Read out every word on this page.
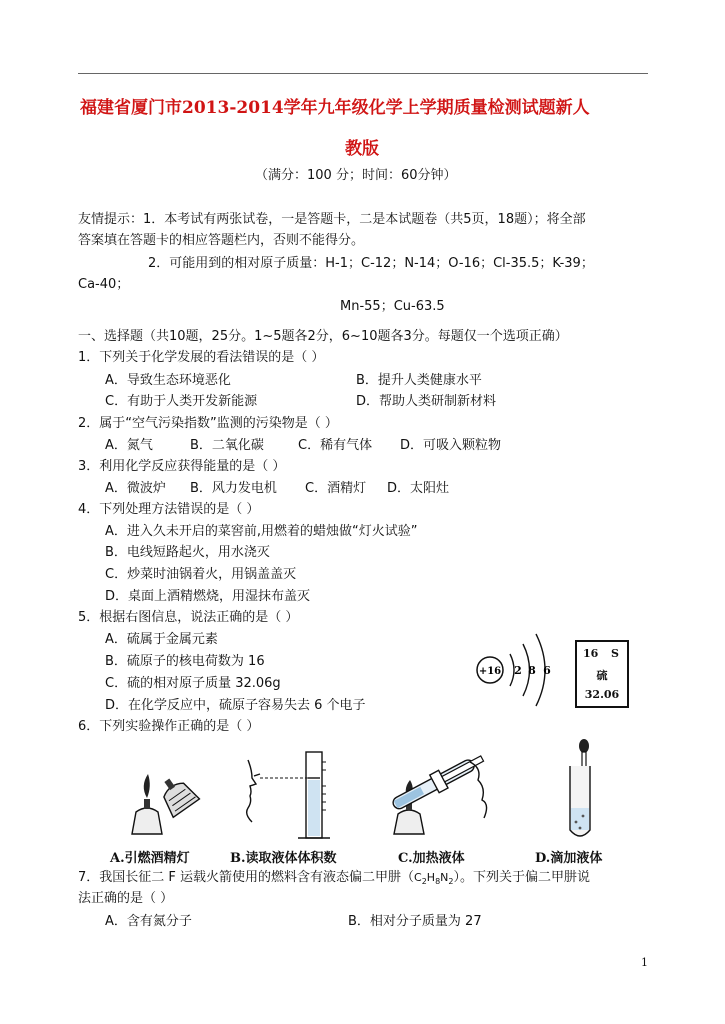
福建省厦门市2013-2014学年九年级化学上学期质量检测试题新人
教版
（满分：100 分；时间：60分钟）
友情提示：1．本考试有两张试卷，一是答题卡，二是本试题卷（共5页，18题）；将全部
答案填在答题卡的相应答题栏内，否则不能得分。
2．可能用到的相对原子质量：H-1；C-12；N-14；O-16；Cl-35.5；K-39；
Ca-40；
Mn-55；Cu-63.5
一、选择题（共10题，25分。1~5题各2分，6~10题各3分。每题仅一个选项正确）
1．下列关于化学发展的看法错误的是（ ）
A．导致生态环境恶化	B．提升人类健康水平
C．有助于人类开发新能源	D．帮助人类研制新材料
2．属于“空气污染指数”监测的污染物是（ ）
A．氮气	B．二氧化碳	C．稀有气体 D．可吸入颗粒物
3．利用化学反应获得能量的是（ ）
A．微波炉 B．风力发电机 C．酒精灯 D．太阳灶
4．下列处理方法错误的是（ ）
A．进入久未开启的菜窖前,用燃着的蜡烛做“灯火试验”
B．电线短路起火，用水浇灭
C．炒菜时油锅着火，用锅盖盖灭
D．桌面上酒精燃烧，用湿抹布盖灭
5．根据右图信息，说法正确的是（ ）
A．硫属于金属元素
B．硫原子的核电荷数为 16
C．硫的相对原子质量 32.06g
D．在化学反应中，硫原子容易失去 6 个电子
+16 2 8 6
16 S
硫
32.06
6．下列实验操作正确的是（ ）
A.引燃酒精灯	B.读取液体体积数	C.加热液体	D.滴加液体
7．我国长征二 F 运载火箭使用的燃料含有液态偏二甲肼$(C_2H_8N_2)$。下列关于偏二甲肼说
法正确的是（ ）
A．含有氮分子	B．相对分子质量为 27
1
